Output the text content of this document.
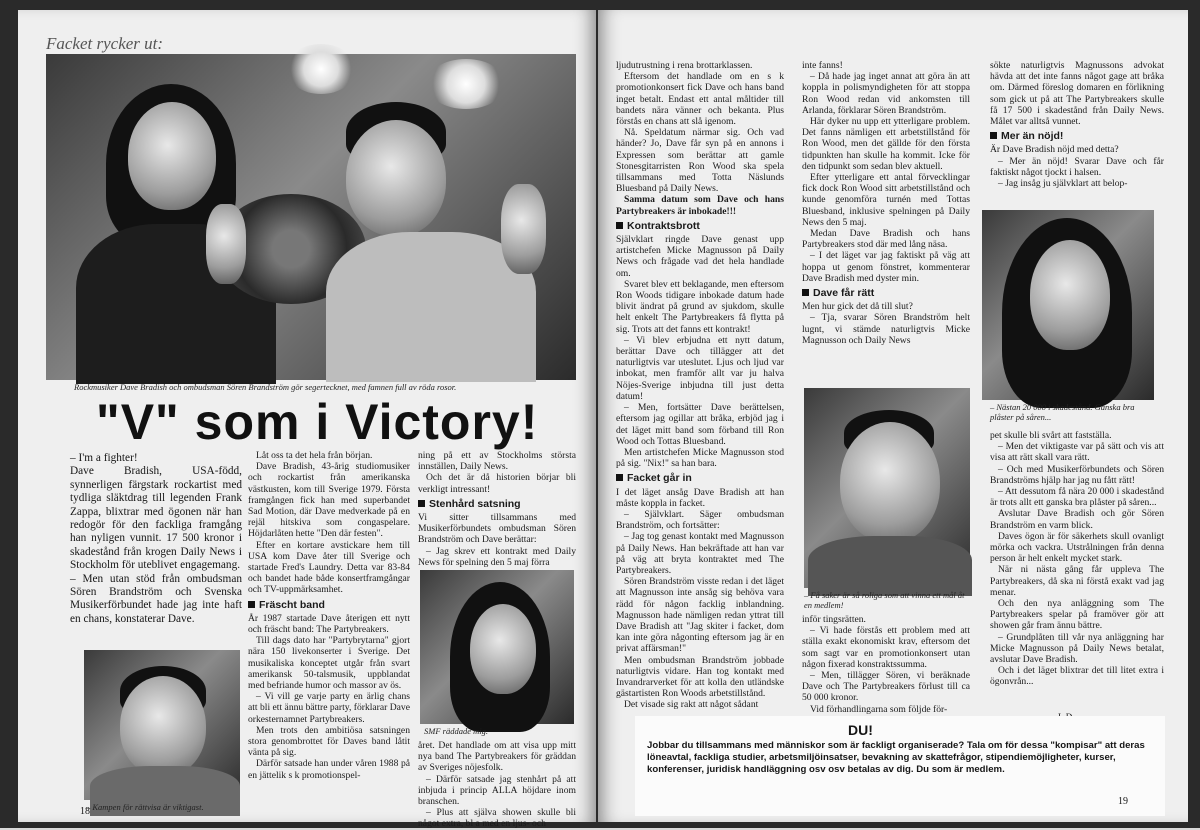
Facket rycker ut:
Rockmusiker Dave Bradish och ombudsman Sören Brandström gör segertecknet, med famnen full av röda rosor.
"V" som i Victory!

– I'm a fighter!

Dave Bradish, USA-född, synnerligen färgstark rockartist med tydliga släktdrag till legenden Frank Zappa, blixtrar med ögonen när han redogör för den fackliga framgång han nyligen vunnit. 17 500 kronor i skadestånd från krogen Daily News i Stockholm för uteblivet engagemang.

– Men utan stöd från ombudsman Sören Brandström och Svenska Musikerförbundet hade jag inte haft en chans, konstaterar Dave.

– Kampen för rättvisa är viktigast.

Låt oss ta det hela från början.

Dave Bradish, 43-årig studiomusiker och rockartist från amerikanska västkusten, kom till Sverige 1979. Första framgången fick han med superbandet Sad Motion, där Dave medverkade på en rejäl hitskiva som congaspelare. Höjdarlåten hette "Den där festen".

Efter en kortare avstickare hem till USA kom Dave åter till Sverige och startade Fred's Laundry. Detta var 83-84 och bandet hade både konsertframgångar och TV-uppmärksamhet.

Fräscht band

År 1987 startade Dave återigen ett nytt och fräscht band: The Partybreakers.

Till dags dato har "Partybrytarna" gjort nära 150 livekonserter i Sverige. Det musikaliska konceptet utgår från svart amerikansk 50-talsmusik, uppblandat med befriande humor och massor av ös.

– Vi vill ge varje party en ärlig chans att bli ett ännu bättre party, förklarar Dave orkesternamnet Partybreakers.

Men trots den ambitiösa satsningen stora genombrottet för Daves band låtit vänta på sig.

Därför satsade han under våren 1988 på en jättelik s k promotionspel-

ning på ett av Stockholms största innställen, Daily News.

Och det är då historien börjar bli verkligt intressant!

Stenhård satsning

Vi sitter tillsammans med Musikerförbundets ombudsman Sören Brandström och Dave berättar:

– Jag skrev ett kontrakt med Daily News för spelning den 5 maj förra

SMF räddade mig.

året. Det handlade om att visa upp mitt nya band The Partybreakers för gräddan av Sveriges nöjesfolk.

– Därför satsade jag stenhårt på att inbjuda i princip ALLA höjdare inom branschen.

– Plus att själva showen skulle bli något extra, bl a med en ljus- och

18

ljudutrustning i rena brottarklassen.

Eftersom det handlade om en s k promotionkonsert fick Dave och hans band inget betalt. Endast ett antal måltider till bandets nära vänner och bekanta. Plus förstås en chans att slå igenom.

Nå. Speldatum närmar sig. Och vad händer? Jo, Dave får syn på en annons i Expressen som berättar att gamle Stonesgitarristen Ron Wood ska spela tillsammans med Totta Näslunds Bluesband på Daily News.

Samma datum som Dave och hans Partybreakers är inbokade!!!

Kontraktsbrott

Självklart ringde Dave genast upp artistchefen Micke Magnusson på Daily News och frågade vad det hela handlade om.

Svaret blev ett beklagande, men eftersom Ron Woods tidigare inbokade datum hade blivit ändrat på grund av sjukdom, skulle helt enkelt The Partybreakers få flytta på sig. Trots att det fanns ett kontrakt!

– Vi blev erbjudna ett nytt datum, berättar Dave och tillägger att det naturligtvis var uteslutet. Ljus och ljud var inbokat, men framför allt var ju halva Nöjes-Sverige inbjudna till just detta datum!

– Men, fortsätter Dave berättelsen, eftersom jag ogillar att bråka, erbjöd jag i det läget mitt band som förband till Ron Wood och Tottas Bluesband.

Men artistchefen Micke Magnusson stod på sig. "Nix!" sa han bara.

Facket går in

I det läget ansåg Dave Bradish att han måste koppla in facket.

– Självklart. Säger ombudsman Brandström, och fortsätter:

– Jag tog genast kontakt med Magnusson på Daily News. Han bekräftade att han var på väg att bryta kontraktet med The Partybreakers.

Sören Brandström visste redan i det läget att Magnusson inte ansåg sig behöva vara rädd för någon facklig inblandning. Magnusson hade nämligen redan yttrat till Dave Bradish att "Jag skiter i facket, dom kan inte göra någonting eftersom jag är en privat affärsman!"

Men ombudsman Brandström jobbade naturligtvis vidare. Han tog kontakt med Invandrarverket för att kolla den utländske gästartisten Ron Woods arbetstillstånd.

Det visade sig rakt att något sådant

inte fanns!

– Då hade jag inget annat att göra än att koppla in polismyndigheten för att stoppa Ron Wood redan vid ankomsten till Arlanda, förklarar Sören Brandström.

Här dyker nu upp ett ytterligare problem. Det fanns nämligen ett arbetstillstånd för Ron Wood, men det gällde för den första tidpunkten han skulle ha kommit. Icke för den tidpunkt som sedan blev aktuell.

Efter ytterligare ett antal förvecklingar fick dock Ron Wood sitt arbetstillstånd och kunde genomföra turnén med Tottas Bluesband, inklusive spelningen på Daily News den 5 maj.

Medan Dave Bradish och hans Partybreakers stod där med lång näsa.

– I det läget var jag faktiskt på väg att hoppa ut genom fönstret, kommenterar Dave Bradish med dyster min.

Dave får rätt

Men hur gick det då till slut?

– Tja, svarar Sören Brandström helt lugnt, vi stämde naturligtvis Micke Magnusson och Daily News

– Få saker är så roliga som att vinna ett mål åt en medlem!

inför tingsrätten.

– Vi hade förstås ett problem med att ställa exakt ekonomiskt krav, eftersom det som sagt var en promotionkonsert utan någon fixerad konstraktssumma.

– Men, tillägger Sören, vi beräknade Dave och The Partybreakers förlust till ca 50 000 kronor.

Vid förhandlingarna som följde för-

sökte naturligtvis Magnussons advokat hävda att det inte fanns något gage att bråka om. Därmed föreslog domaren en förlikning som gick ut på att The Partybreakers skulle få 17 500 i skadestånd från Daily News. Målet var alltså vunnet.

Mer än nöjd!

Är Dave Bradish nöjd med detta?

– Mer än nöjd! Svarar Dave och får faktiskt något tjockt i halsen.

– Jag insåg ju självklart att belop-

– Nästan 20 000 i skadestånd. Ganska bra plåster på såren...

pet skulle bli svårt att fastställa.

– Men det viktigaste var på sätt och vis att visa att rätt skall vara rätt.

– Och med Musikerförbundets och Sören Brandströms hjälp har jag nu fått rätt!

– Att dessutom få nära 20 000 i skadestånd är trots allt ett ganska bra plåster på såren...

Avslutar Dave Bradish och gör Sören Brandström en varm blick.

Daves ögon är för säkerhets skull ovanligt mörka och vackra. Utstrålningen från denna person är helt enkelt mycket stark.

När ni nästa gång får uppleva The Partybreakers, då ska ni förstå exakt vad jag menar.

Och den nya anläggning som The Partybreakers spelar på framöver gör att showen går fram ännu bättre.

– Grundplåten till vår nya anläggning har Micke Magnusson på Daily News betalat, avslutar Dave Bradish.

Och i det läget blixtrar det till litet extra i ögonvrån...

DU!
Jobbar du tillsammans med människor som är fackligt organiserade? Tala om för dessa "kompisar" att deras löneavtal, fackliga studier, arbetsmiljöinsatser, bevakning av skattefrågor, stipendiemöjligheter, kurser, konferenser, juridisk handläggning osv osv betalas av dig. Du som är medlem.
19
